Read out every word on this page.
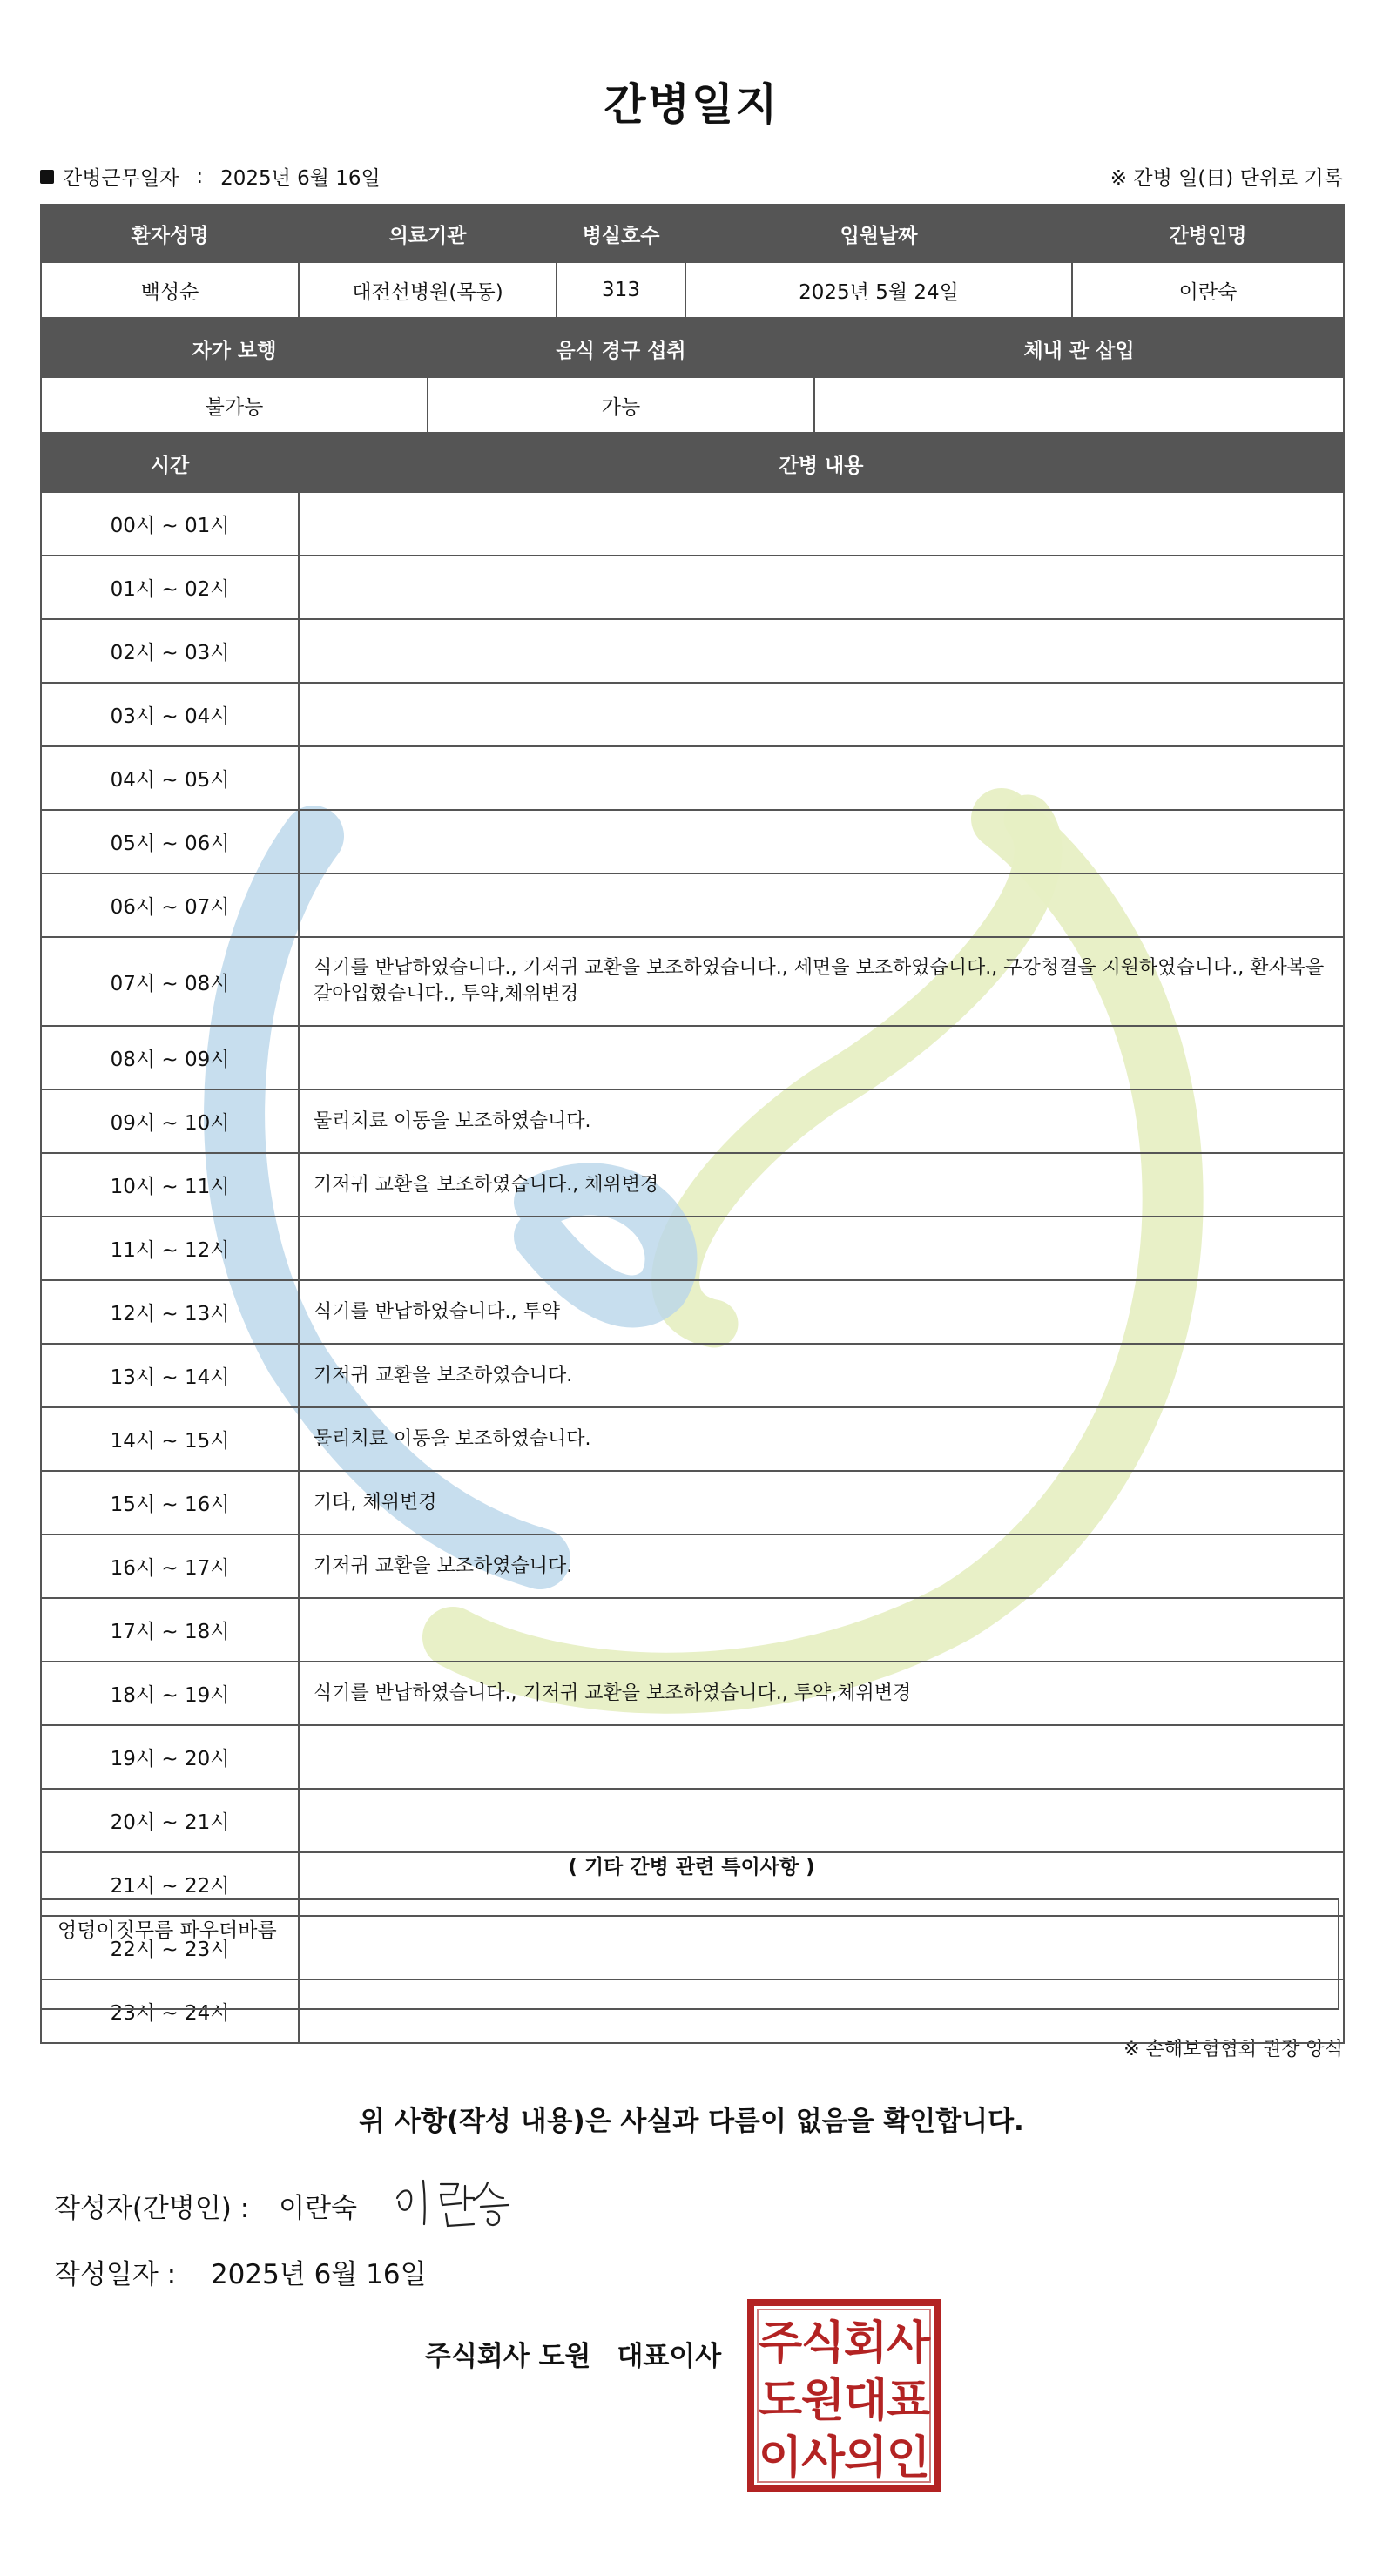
간병일지
간병근무일자 : 2025년 6월 16일	※ 간병 일(日) 단위로 기록
환자성명	의료기관	병실호수	입원날짜	간병인명
백성순	대전선병원(목동)	313	2025년 5월 24일	이란숙
자가 보행	음식 경구 섭취	체내 관 삽입
불가능	가능	
시간	간병 내용
00시 ~ 01시	
01시 ~ 02시	
02시 ~ 03시	
03시 ~ 04시	
04시 ~ 05시	
05시 ~ 06시	
06시 ~ 07시	
07시 ~ 08시	식기를 반납하였습니다., 기저귀 교환을 보조하였습니다., 세면을 보조하였습니다., 구강청결을 지원하였습니다., 환자복을 갈아입혔습니다., 투약,체위변경
08시 ~ 09시	
09시 ~ 10시	물리치료 이동을 보조하였습니다.
10시 ~ 11시	기저귀 교환을 보조하였습니다., 체위변경
11시 ~ 12시	
12시 ~ 13시	식기를 반납하였습니다., 투약
13시 ~ 14시	기저귀 교환을 보조하였습니다.
14시 ~ 15시	물리치료 이동을 보조하였습니다.
15시 ~ 16시	기타, 체위변경
16시 ~ 17시	기저귀 교환을 보조하였습니다.
17시 ~ 18시	
18시 ~ 19시	식기를 반납하였습니다., 기저귀 교환을 보조하였습니다., 투약,체위변경
19시 ~ 20시	
20시 ~ 21시	
21시 ~ 22시	
22시 ~ 23시	
23시 ~ 24시	
( 기타 간병 관련 특이사항 )
엉덩이짓무름 파우더바름
※ 손해보험협회 권장 양식
위 사항(작성 내용)은 사실과 다름이 없음을 확인합니다.
작성자(간병인) : 이란숙
작성일자 : 2025년 6월 16일
주식회사 도원 대표이사 주
식
회
사
도
원
대
표
이
사
의
인
